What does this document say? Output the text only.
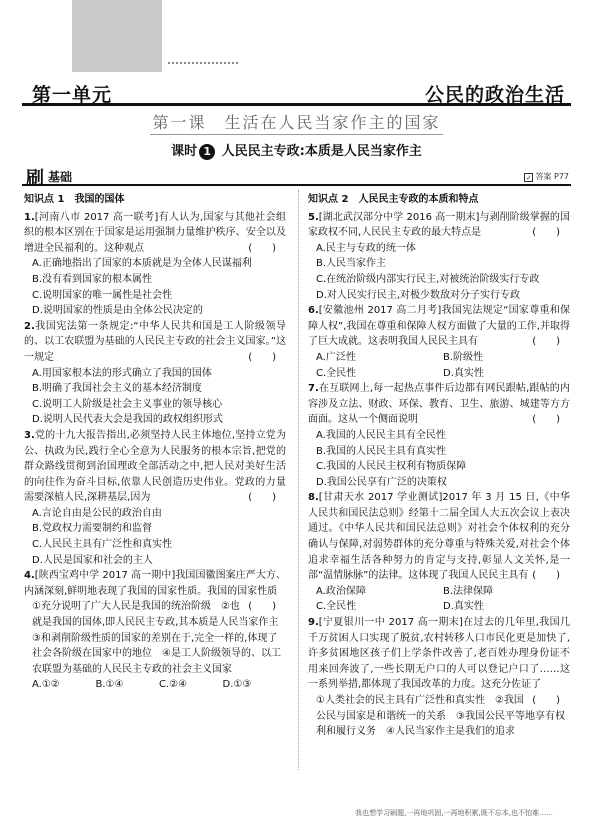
第一单元	公民的政治生活
第一课　生活在人民当家作主的国家
课时 1 人民民主专政:本质是人民当家作主
刷 基础	✓ 答案 P77
知识点 1　我国的国体
1.[河南八市 2017 高一联考]有人认为,国家与其他社会组织的根本区别在于国家是运用强制力量维护秩序、安全以及增进全民福利的。这种观点	(　　)
A.正确地指出了国家的本质就是为全体人民谋福利
B.没有看到国家的根本属性
C.说明国家的唯一属性是社会性
D.说明国家的性质是由全体公民决定的
2.我国宪法第一条规定:“中华人民共和国是工人阶级领导的、以工农联盟为基础的人民民主专政的社会主义国家。”这一规定	(　　)
A.用国家根本法的形式确立了我国的国体
B.明确了我国社会主义的基本经济制度
C.说明工人阶级是社会主义事业的领导核心
D.说明人民代表大会是我国的政权组织形式
3.党的十九大报告指出,必须坚持人民主体地位,坚持立党为公、执政为民,践行全心全意为人民服务的根本宗旨,把党的群众路线贯彻到治国理政全部活动之中,把人民对美好生活的向往作为奋斗目标,依靠人民创造历史伟业。党政的力量需要深植人民,深耕基层,因为	(　　)
A.言论自由是公民的政治自由
B.党政权力需要制约和监督
C.人民民主具有广泛性和真实性
D.人民是国家和社会的主人
4.[陕西宝鸡中学 2017 高一期中]我国国徽图案庄严大方、内涵深刻,鲜明地表现了我国的国家性质。我国的国家性质
(　　)
①充分说明了广大人民是我国的统治阶级　②也就是我国的国体,即人民民主专政,其本质是人民当家作主　③和剥削阶级性质的国家的差别在于,完全一样的,体现了社会各阶级在国家中的地位　④是工人阶级领导的、以工农联盟为基础的人民民主专政的社会主义国家
A.①②	B.①④	C.②④	D.①③
知识点 2　人民民主专政的本质和特点
5.[湖北武汉部分中学 2016 高一期末]与剥削阶级掌握的国家政权不同,人民民主专政的最大特点是	(　　)
A.民主与专政的统一体
B.人民当家作主
C.在统治阶级内部实行民主,对被统治阶级实行专政
D.对人民实行民主,对极少数敌对分子实行专政
6.[安徽池州 2017 高二月考]我国宪法规定“国家尊重和保障人权”,我国在尊重和保障人权方面做了大量的工作,并取得了巨大成就。这表明我国人民民主具有	(　　)
A.广泛性	B.阶级性
C.全民性	D.真实性
7.在互联网上,每一起热点事件后边都有网民跟帖,跟帖的内容涉及立法、财政、环保、教育、卫生、旅游、城建等方方面面。这从一个侧面说明	(　　)
A.我国的人民民主具有全民性
B.我国的人民民主具有真实性
C.我国的人民民主权利有物质保障
D.我国公民享有广泛的决策权
8.[甘肃天水 2017 学业测试]2017 年 3 月 15 日,《中华人民共和国民法总则》经第十二届全国人大五次会议上表决通过。《中华人民共和国民法总则》对社会个体权利的充分确认与保障,对弱势群体的充分尊重与特殊关爱,对社会个体追求幸福生活各种努力的肯定与支持,彰显人文关怀,是一部“温情脉脉”的法律。这体现了我国人民民主具有 (　　)
A.政治保障	B.法律保障
C.全民性	D.真实性
9.[宁夏银川一中 2017 高一期末]在过去的几年里,我国几千万贫困人口实现了脱贫,农村转移人口市民化更是加快了,许多贫困地区孩子们上学条件改善了,老百姓办理身份证不用来回奔波了,一些长期无户口的人可以登记户口了……这一系列举措,都体现了我国改革的力度。这充分佐证了
(　　)
①人类社会的民主具有广泛性和真实性　②我国公民与国家是和谐统一的关系　③我国公民平等地享有权利和履行义务　④人民当家作主是我们的追求
我也想学习刷题,一再地巩固,一再地积累,既不忘本,也不怕难……
